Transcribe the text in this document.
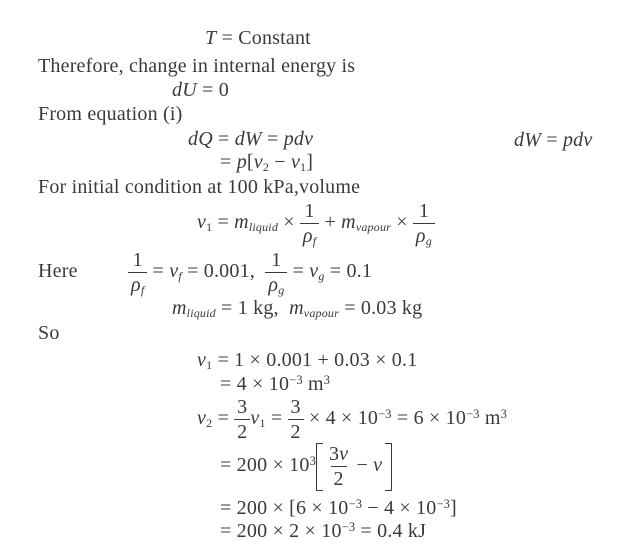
T = Constant
Therefore, change in internal energy is
dU = 0
From equation (i)
dQ = dW = pdν	dW = pdν
= $p[\nu_2 - \nu_1]$
For initial condition at 100 kPa,volume
$\nu_1 = m_{liquid} \times \frac{1}{\rho_f} + m_{vapour} \times \frac{1}{\rho_g}$
Here	$\frac{1}{\rho_f} = \nu_f = 0.001$, $\frac{1}{\rho_g} = \nu_g = 0.1$
$m_{liquid} = 1$ kg,  $m_{vapour} = 0.03$ kg
So
$\nu_1 = 1 \times 0.001 + 0.03 \times 0.1$
= $4 \times 10^{-3}$ $m^3$
$\nu_2 = \frac{3}{2} \nu_1 = \frac{3}{2} \times 4 \times 10^{-3} = 6 \times 10^{-3}$ $m^3$
= $200 \times 10^3 \frac{3\nu}{2} - \nu$
= $200 \times [6 \times 10^{-3} - 4 \times 10^{-3}]$
= $200 \times 2 \times 10^{-3} = 0.4$ kJ
